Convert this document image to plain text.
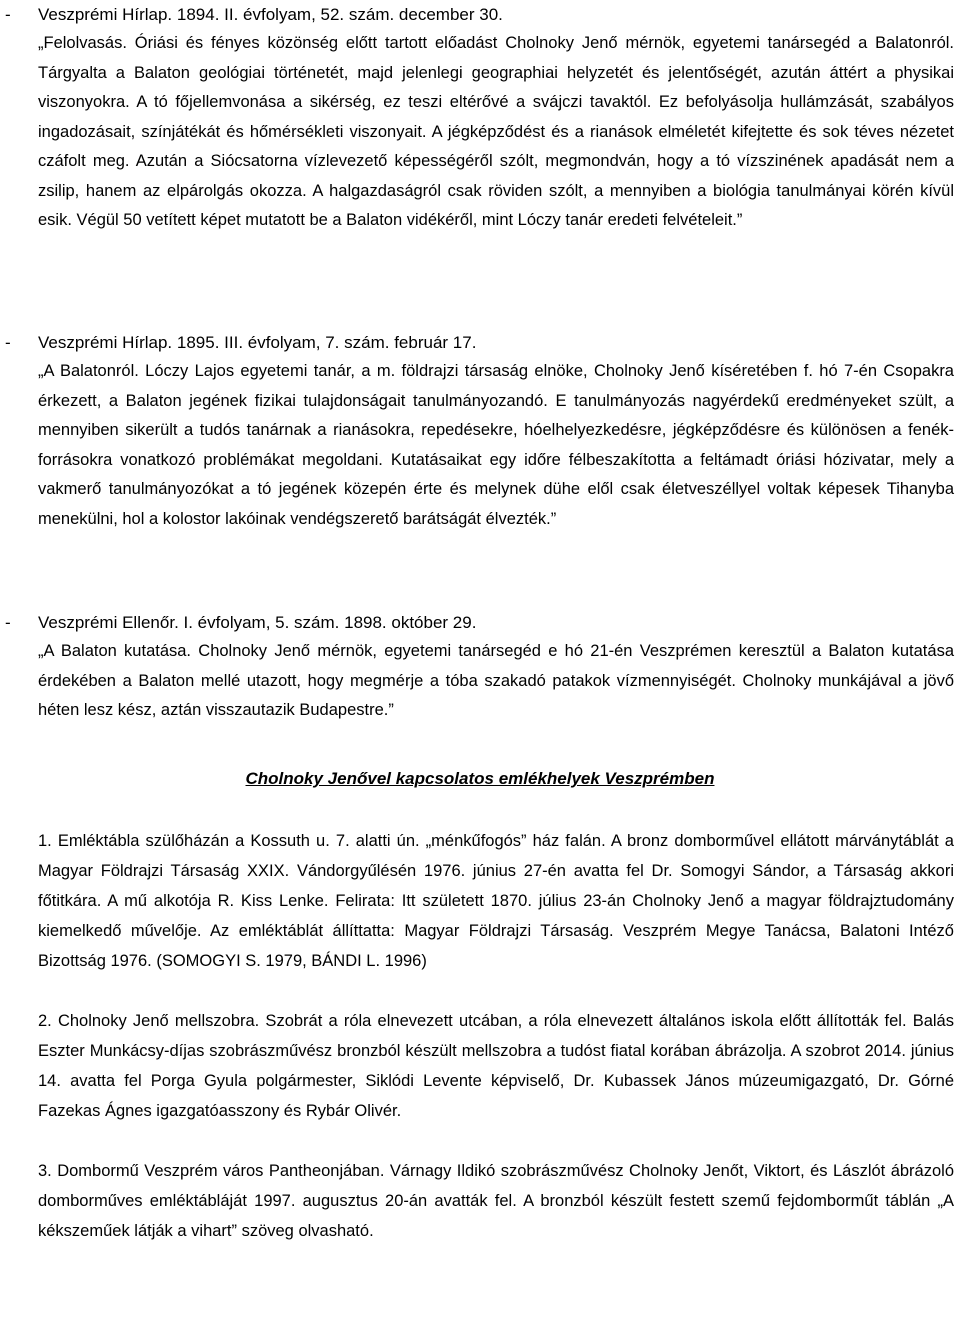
- Veszprémi Hírlap. 1894. II. évfolyam, 52. szám. december 30.

„Felolvasás. Óriási és fényes közönség előtt tartott előadást Cholnoky Jenő mérnök, egyetemi tanársegéd a Balatonról. Tárgyalta a Balaton geológiai történetét, majd jelenlegi geographiai helyzetét és jelentőségét, azután áttért a physikai viszonyokra. A tó főjellemvonása a sikérség, ez teszi eltérővé a svájczi tavaktól. Ez befolyásolja hullámzását, szabályos ingadozásait, színjátékát és hőmérsékleti viszonyait. A jégképződést és a rianások elméletét kifejtette és sok téves nézetet czáfolt meg. Azután a Siócsatorna vízlevezető képességéről szólt, megmondván, hogy a tó vízszinének apadását nem a zsilip, hanem az elpárolgás okozza. A halgazdaságról csak röviden szólt, a mennyiben a biológia tanulmányai körén kívül esik. Végül 50 vetített képet mutatott be a Balaton vidékéről, mint Lóczy tanár eredeti felvételeit.”

- Veszprémi Hírlap. 1895. III. évfolyam, 7. szám. február 17.

„A Balatonról. Lóczy Lajos egyetemi tanár, a m. földrajzi társaság elnöke, Cholnoky Jenő kíséretében f. hó 7-én Csopakra érkezett, a Balaton jegének fizikai tulajdonságait tanulmányozandó. E tanulmányozás nagyérdekű eredményeket szült, a mennyiben sikerült a tudós tanárnak a rianásokra, repedésekre, hóelhelyezkedésre, jégképződésre és különösen a fenék-forrásokra vonatkozó problémákat megoldani. Kutatásaikat egy időre félbeszakította a feltámadt óriási hózivatar, mely a vakmerő tanulmányozókat a tó jegének közepén érte és melynek dühe elől csak életveszéllyel voltak képesek Tihanyba menekülni, hol a kolostor lakóinak vendégszerető barátságát élvezték.”

- Veszprémi Ellenőr. I. évfolyam, 5. szám. 1898. október 29.

„A Balaton kutatása. Cholnoky Jenő mérnök, egyetemi tanársegéd e hó 21-én Veszprémen keresztül a Balaton kutatása érdekében a Balaton mellé utazott, hogy megmérje a tóba szakadó patakok vízmennyiségét. Cholnoky munkájával a jövő héten lesz kész, aztán visszautazik Budapestre.”

Cholnoky Jenővel kapcsolatos emlékhelyek Veszprémben

1. Emléktábla szülőházán a Kossuth u. 7. alatti ún. „ménkűfogós” ház falán. A bronz domborművel ellátott márványtáblát a Magyar Földrajzi Társaság XXIX. Vándorgyűlésén 1976. június 27-én avatta fel Dr. Somogyi Sándor, a Társaság akkori főtitkára. A mű alkotója R. Kiss Lenke. Felirata: Itt született 1870. július 23-án Cholnoky Jenő a magyar földrajztudomány kiemelkedő művelője. Az emléktáblát állíttatta: Magyar Földrajzi Társaság. Veszprém Megye Tanácsa, Balatoni Intéző Bizottság 1976. (SOMOGYI S. 1979, BÁNDI L. 1996)

2. Cholnoky Jenő mellszobra. Szobrát a róla elnevezett utcában, a róla elnevezett általános iskola előtt állították fel. Balás Eszter Munkácsy-díjas szobrászművész bronzból készült mellszobra a tudóst fiatal korában ábrázolja. A szobrot 2014. június 14. avatta fel Porga Gyula polgármester, Siklódi Levente képviselő, Dr. Kubassek János múzeumigazgató, Dr. Górné Fazekas Ágnes igazgatóasszony és Rybár Olivér.

3. Dombormű Veszprém város Pantheonjában. Várnagy Ildikó szobrászművész Cholnoky Jenőt, Viktort, és Lászlót ábrázoló domborműves emléktábláját 1997. augusztus 20-án avatták fel. A bronzból készült festett szemű fejdomborműt táblán „A kékszeműek látják a vihart” szöveg olvasható.
